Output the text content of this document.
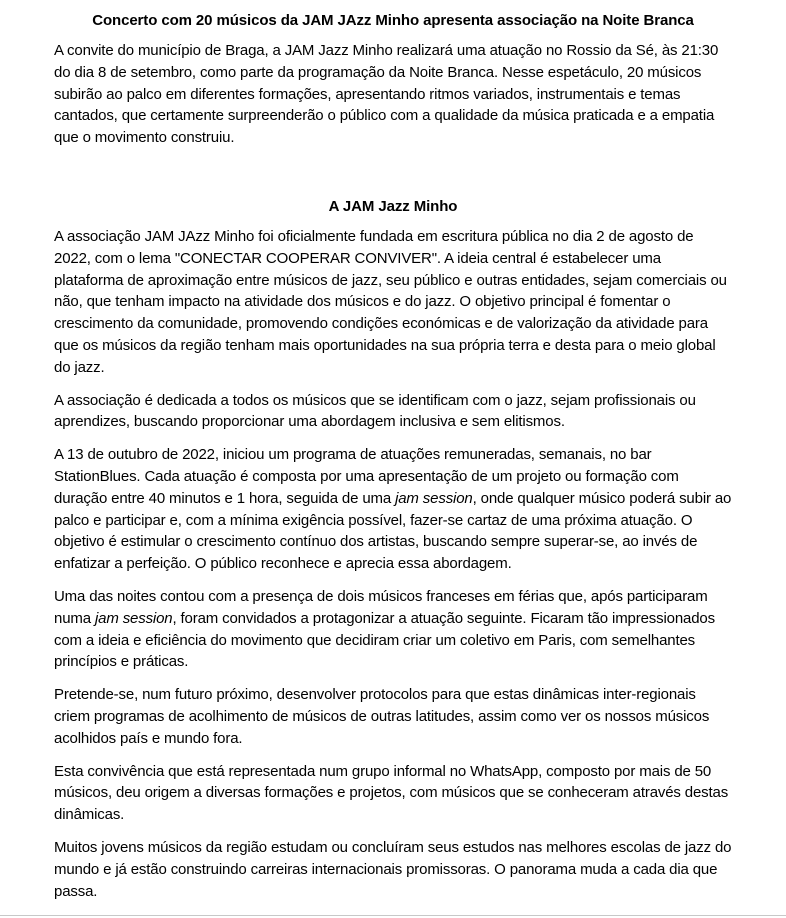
Concerto com 20 músicos da JAM JAzz Minho apresenta associação na Noite Branca

A convite do município de Braga, a JAM Jazz Minho realizará uma atuação no Rossio da Sé, às 21:30 do dia 8 de setembro, como parte da programação da Noite Branca. Nesse espetáculo, 20 músicos subirão ao palco em diferentes formações, apresentando ritmos variados, instrumentais e temas cantados, que certamente surpreenderão o público com a qualidade da música praticada e a empatia que o movimento construiu.

A JAM Jazz Minho

A associação JAM JAzz Minho foi oficialmente fundada em escritura pública no dia 2 de agosto de 2022, com o lema "CONECTAR COOPERAR CONVIVER". A ideia central é estabelecer uma plataforma de aproximação entre músicos de jazz, seu público e outras entidades, sejam comerciais ou não, que tenham impacto na atividade dos músicos e do jazz. O objetivo principal é fomentar o crescimento da comunidade, promovendo condições económicas e de valorização da atividade para que os músicos da região tenham mais oportunidades na sua própria terra e desta para o meio global do jazz.

A associação é dedicada a todos os músicos que se identificam com o jazz, sejam profissionais ou aprendizes, buscando proporcionar uma abordagem inclusiva e sem elitismos.

A 13 de outubro de 2022, iniciou um programa de atuações remuneradas, semanais, no bar StationBlues. Cada atuação é composta por uma apresentação de um projeto ou formação com duração entre 40 minutos e 1 hora, seguida de uma jam session, onde qualquer músico poderá subir ao palco e participar e, com a mínima exigência possível, fazer-se cartaz de uma próxima atuação. O objetivo é estimular o crescimento contínuo dos artistas, buscando sempre superar-se, ao invés de enfatizar a perfeição. O público reconhece e aprecia essa abordagem.

Uma das noites contou com a presença de dois músicos franceses em férias que, após participaram numa jam session, foram convidados a protagonizar a atuação seguinte. Ficaram tão impressionados com a ideia e eficiência do movimento que decidiram criar um coletivo em Paris, com semelhantes princípios e práticas.

Pretende-se, num futuro próximo, desenvolver protocolos para que estas dinâmicas inter-regionais criem programas de acolhimento de músicos de outras latitudes, assim como ver os nossos músicos acolhidos país e mundo fora.

Esta convivência que está representada num grupo informal no WhatsApp, composto por mais de 50 músicos, deu origem a diversas formações e projetos, com músicos que se conheceram através destas dinâmicas.

Muitos jovens músicos da região estudam ou concluíram seus estudos nas melhores escolas de jazz do mundo e já estão construindo carreiras internacionais promissoras. O panorama muda a cada dia que passa.
